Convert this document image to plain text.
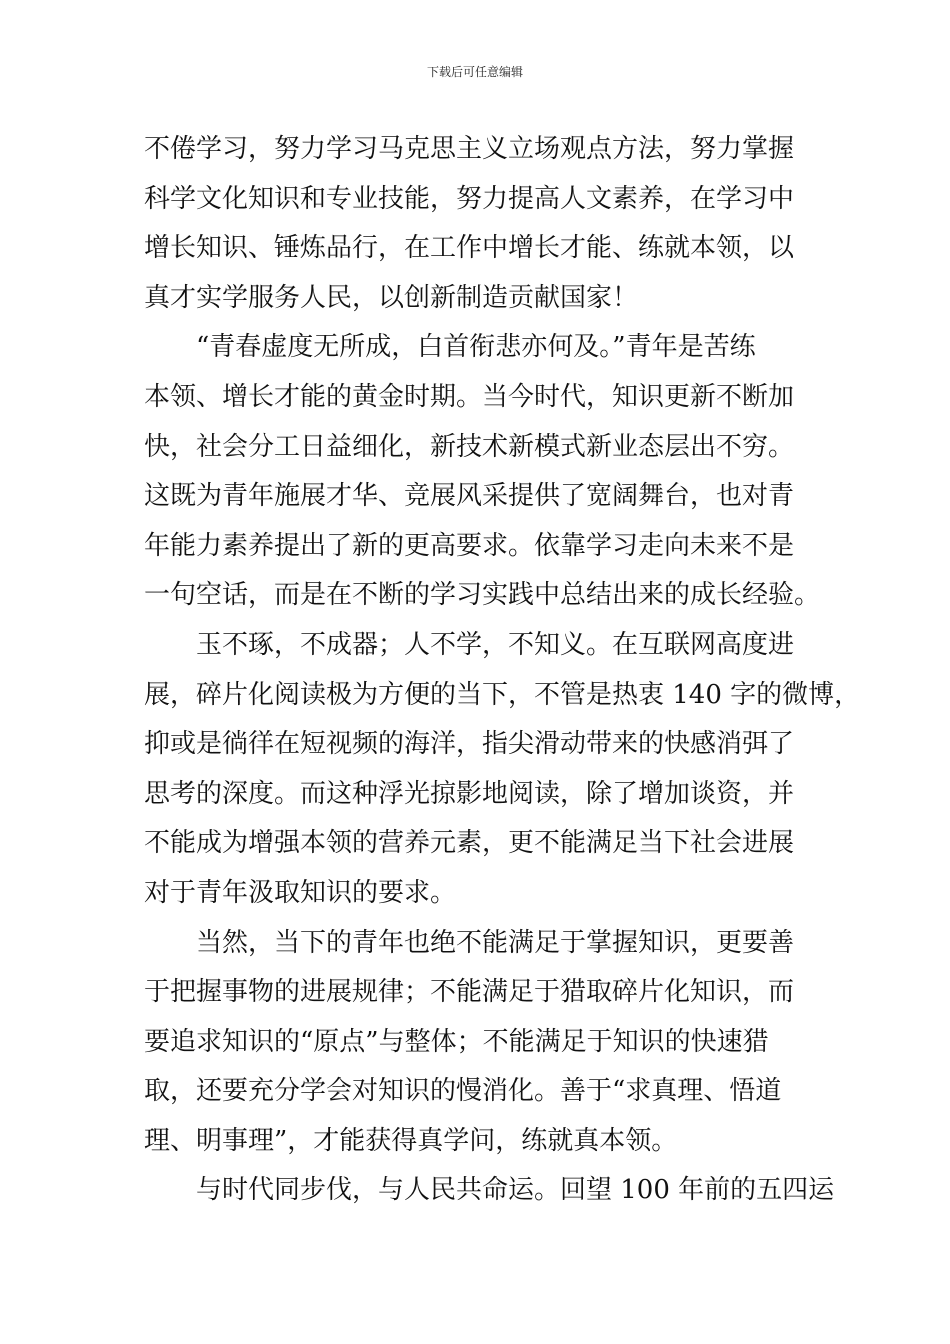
下载后可任意编辑
不倦学习，努力学习马克思主义立场观点方法，努力掌握
科学文化知识和专业技能，努力提高人文素养，在学习中
增长知识、锤炼品行，在工作中增长才能、练就本领，以
真才实学服务人民，以创新制造贡献国家！
“青春虚度无所成，白首衔悲亦何及。”青年是苦练
本领、增长才能的黄金时期。当今时代，知识更新不断加
快，社会分工日益细化，新技术新模式新业态层出不穷。
这既为青年施展才华、竞展风采提供了宽阔舞台，也对青
年能力素养提出了新的更高要求。依靠学习走向未来不是
一句空话，而是在不断的学习实践中总结出来的成长经验。
玉不琢，不成器；人不学，不知义。在互联网高度进
展，碎片化阅读极为方便的当下，不管是热衷 140 字的微博，
抑或是徜徉在短视频的海洋，指尖滑动带来的快感消弭了
思考的深度。而这种浮光掠影地阅读，除了增加谈资，并
不能成为增强本领的营养元素，更不能满足当下社会进展
对于青年汲取知识的要求。
当然，当下的青年也绝不能满足于掌握知识，更要善
于把握事物的进展规律；不能满足于猎取碎片化知识，而
要追求知识的“原点”与整体；不能满足于知识的快速猎
取，还要充分学会对知识的慢消化。善于“求真理、悟道
理、明事理”，才能获得真学问，练就真本领。
与时代同步伐，与人民共命运。回望 100 年前的五四运
